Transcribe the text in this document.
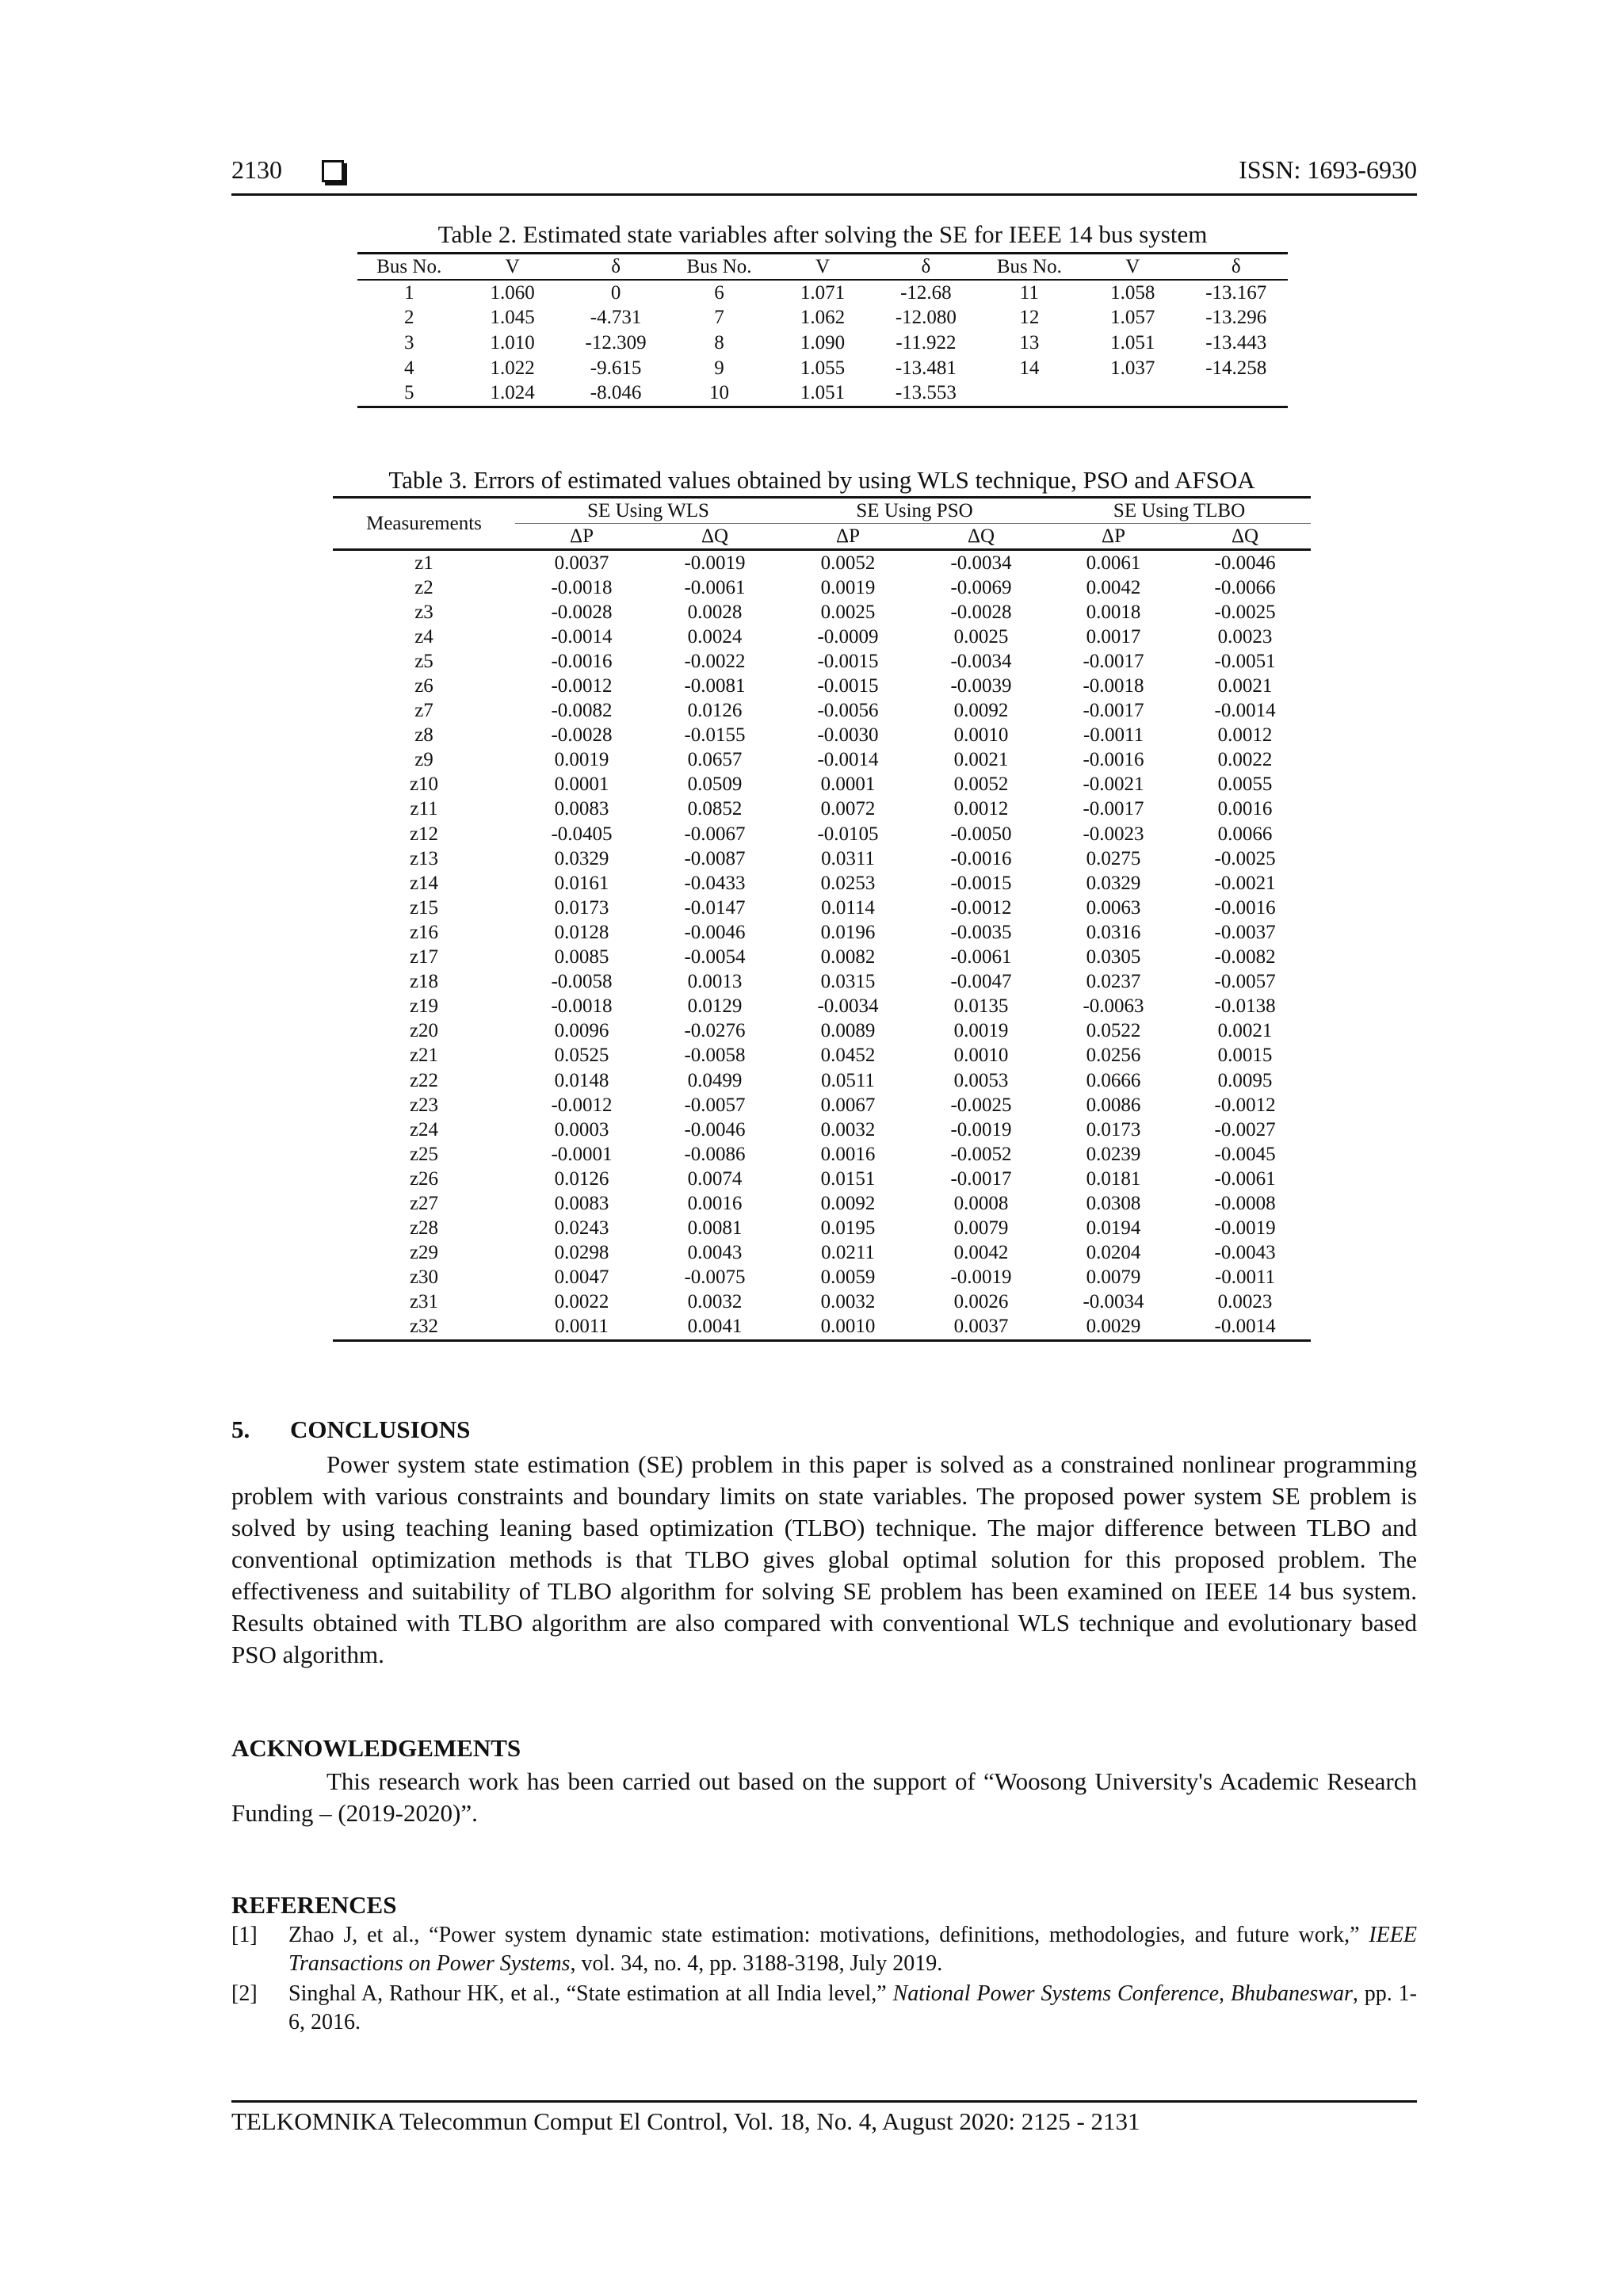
2130	ISSN: 1693-6930
Table 2. Estimated state variables after solving the SE for IEEE 14 bus system
Bus No.	V	δ	Bus No.	V	δ	Bus No.	V	δ
1	1.060	0	6	1.071	-12.68	11	1.058	-13.167
2	1.045	-4.731	7	1.062	-12.080	12	1.057	-13.296
3	1.010	-12.309	8	1.090	-11.922	13	1.051	-13.443
4	1.022	-9.615	9	1.055	-13.481	14	1.037	-14.258
5	1.024	-8.046	10	1.051	-13.553			
Table 3. Errors of estimated values obtained by using WLS technique, PSO and AFSOA
Measurements	SE Using WLS		SE Using PSO		SE Using TLBO	
	ΔP	ΔQ	ΔP	ΔQ	ΔP	ΔQ
z1	0.0037	-0.0019	0.0052	-0.0034	0.0061	-0.0046
z2	-0.0018	-0.0061	0.0019	-0.0069	0.0042	-0.0066
z3	-0.0028	0.0028	0.0025	-0.0028	0.0018	-0.0025
z4	-0.0014	0.0024	-0.0009	0.0025	0.0017	0.0023
z5	-0.0016	-0.0022	-0.0015	-0.0034	-0.0017	-0.0051
z6	-0.0012	-0.0081	-0.0015	-0.0039	-0.0018	0.0021
z7	-0.0082	0.0126	-0.0056	0.0092	-0.0017	-0.0014
z8	-0.0028	-0.0155	-0.0030	0.0010	-0.0011	0.0012
z9	0.0019	0.0657	-0.0014	0.0021	-0.0016	0.0022
z10	0.0001	0.0509	0.0001	0.0052	-0.0021	0.0055
z11	0.0083	0.0852	0.0072	0.0012	-0.0017	0.0016
z12	-0.0405	-0.0067	-0.0105	-0.0050	-0.0023	0.0066
z13	0.0329	-0.0087	0.0311	-0.0016	0.0275	-0.0025
z14	0.0161	-0.0433	0.0253	-0.0015	0.0329	-0.0021
z15	0.0173	-0.0147	0.0114	-0.0012	0.0063	-0.0016
z16	0.0128	-0.0046	0.0196	-0.0035	0.0316	-0.0037
z17	0.0085	-0.0054	0.0082	-0.0061	0.0305	-0.0082
z18	-0.0058	0.0013	0.0315	-0.0047	0.0237	-0.0057
z19	-0.0018	0.0129	-0.0034	0.0135	-0.0063	-0.0138
z20	0.0096	-0.0276	0.0089	0.0019	0.0522	0.0021
z21	0.0525	-0.0058	0.0452	0.0010	0.0256	0.0015
z22	0.0148	0.0499	0.0511	0.0053	0.0666	0.0095
z23	-0.0012	-0.0057	0.0067	-0.0025	0.0086	-0.0012
z24	0.0003	-0.0046	0.0032	-0.0019	0.0173	-0.0027
z25	-0.0001	-0.0086	0.0016	-0.0052	0.0239	-0.0045
z26	0.0126	0.0074	0.0151	-0.0017	0.0181	-0.0061
z27	0.0083	0.0016	0.0092	0.0008	0.0308	-0.0008
z28	0.0243	0.0081	0.0195	0.0079	0.0194	-0.0019
z29	0.0298	0.0043	0.0211	0.0042	0.0204	-0.0043
z30	0.0047	-0.0075	0.0059	-0.0019	0.0079	-0.0011
z31	0.0022	0.0032	0.0032	0.0026	-0.0034	0.0023
z32	0.0011	0.0041	0.0010	0.0037	0.0029	-0.0014
5. CONCLUSIONS
Power system state estimation (SE) problem in this paper is solved as a constrained nonlinear programming problem with various constraints and boundary limits on state variables. The proposed power system SE problem is solved by using teaching leaning based optimization (TLBO) technique. The major difference between TLBO and conventional optimization methods is that TLBO gives global optimal solution for this proposed problem. The effectiveness and suitability of TLBO algorithm for solving SE problem has been examined on IEEE 14 bus system. Results obtained with TLBO algorithm are also compared with conventional WLS technique and evolutionary based PSO algorithm.
ACKNOWLEDGEMENTS
This research work has been carried out based on the support of “Woosong University's Academic Research Funding – (2019-2020)”.
REFERENCES
[1] Zhao J, et al., “Power system dynamic state estimation: motivations, definitions, methodologies, and future work,” IEEE Transactions on Power Systems, vol. 34, no. 4, pp. 3188-3198, July 2019.
[2] Singhal A, Rathour HK, et al., “State estimation at all India level,” National Power Systems Conference, Bhubaneswar, pp. 1-6, 2016.
TELKOMNIKA Telecommun Comput El Control, Vol. 18, No. 4, August 2020: 2125 - 2131
